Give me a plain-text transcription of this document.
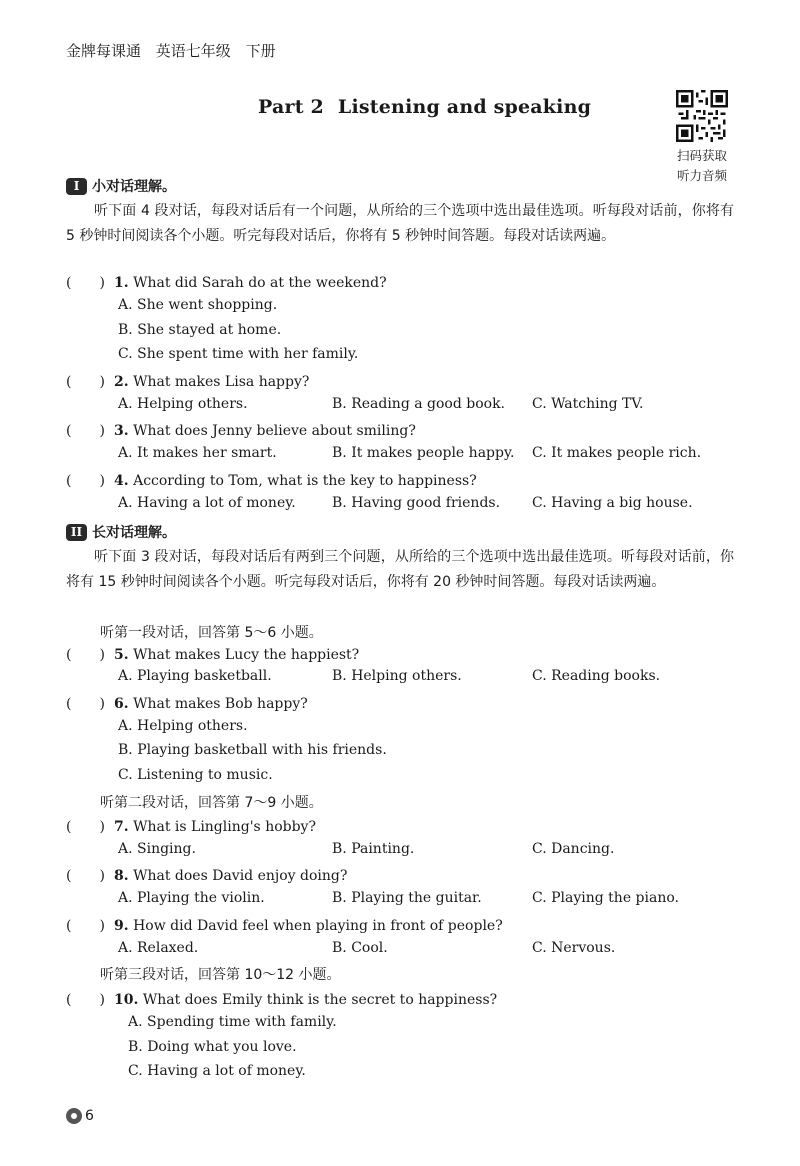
金牌每课通 英语七年级 下册
Part 2 Listening and speaking
扫码获取
听力音频
I 小对话理解。
听下面 4 段对话，每段对话后有一个问题，从所给的三个选项中选出最佳选项。听每段对话前，你将有 5 秒钟时间阅读各个小题。听完每段对话后，你将有 5 秒钟时间答题。每段对话读两遍。
(　　) 1. What did Sarah do at the weekend?
A. She went shopping.
B. She stayed at home.
C. She spent time with her family.
(　　) 2. What makes Lisa happy?
A. Helping others.	B. Reading a good book. C. Watching TV.
(　　) 3. What does Jenny believe about smiling?
A. It makes her smart.	B. It makes people happy. C. It makes people rich.
(　　) 4. According to Tom, what is the key to happiness?
A. Having a lot of money.	B. Having good friends. C. Having a big house.
II 长对话理解。
听下面 3 段对话，每段对话后有两到三个问题，从所给的三个选项中选出最佳选项。听每段对话前，你将有 15 秒钟时间阅读各个小题。听完每段对话后，你将有 20 秒钟时间答题。每段对话读两遍。
听第一段对话，回答第 5～6 小题。
(　　) 5. What makes Lucy the happiest?
A. Playing basketball.	B. Helping others.	C. Reading books.
(　　) 6. What makes Bob happy?
A. Helping others.
B. Playing basketball with his friends.
C. Listening to music.
听第二段对话，回答第 7～9 小题。
(　　) 7. What is Lingling's hobby?
A. Singing.	B. Painting.	C. Dancing.
(　　) 8. What does David enjoy doing?
A. Playing the violin.	B. Playing the guitar.	C. Playing the piano.
(　　) 9. How did David feel when playing in front of people?
A. Relaxed.	B. Cool.	C. Nervous.
听第三段对话，回答第 10～12 小题。
(　　) 10. What does Emily think is the secret to happiness?
A. Spending time with family.
B. Doing what you love.
C. Having a lot of money.
6
